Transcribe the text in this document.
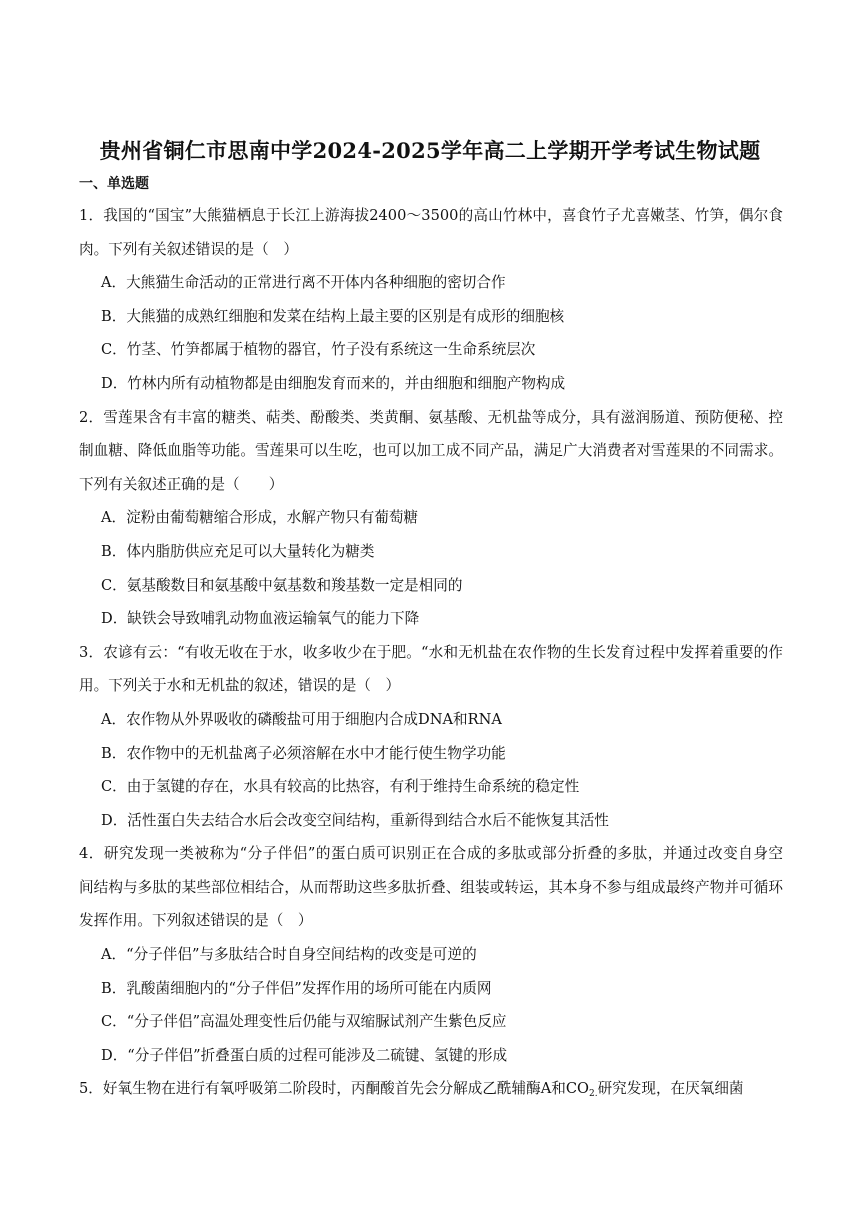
贵州省铜仁市思南中学2024-2025学年高二上学期开学考试生物试题
一、单选题

1．我国的“国宝”大熊猫栖息于长江上游海拔2400～3500的高山竹林中，喜食竹子尤喜嫩茎、竹笋，偶尔食肉。下列有关叙述错误的是（　）

A．大熊猫生命活动的正常进行离不开体内各种细胞的密切合作

B．大熊猫的成熟红细胞和发菜在结构上最主要的区别是有成形的细胞核

C．竹茎、竹笋都属于植物的器官，竹子没有系统这一生命系统层次

D．竹林内所有动植物都是由细胞发育而来的，并由细胞和细胞产物构成

2．雪莲果含有丰富的糖类、萜类、酚酸类、类黄酮、氨基酸、无机盐等成分，具有滋润肠道、预防便秘、控制血糖、降低血脂等功能。雪莲果可以生吃，也可以加工成不同产品，满足广大消费者对雪莲果的不同需求。下列有关叙述正确的是（　　）

A．淀粉由葡萄糖缩合形成，水解产物只有葡萄糖

B．体内脂肪供应充足可以大量转化为糖类

C．氨基酸数目和氨基酸中氨基数和羧基数一定是相同的

D．缺铁会导致哺乳动物血液运输氧气的能力下降

3．农谚有云：“有收无收在于水，收多收少在于肥。“水和无机盐在农作物的生长发育过程中发挥着重要的作用。下列关于水和无机盐的叙述，错误的是（　）

A．农作物从外界吸收的磷酸盐可用于细胞内合成DNA和RNA

B．农作物中的无机盐离子必须溶解在水中才能行使生物学功能

C．由于氢键的存在，水具有较高的比热容，有利于维持生命系统的稳定性

D．活性蛋白失去结合水后会改变空间结构，重新得到结合水后不能恢复其活性

4．研究发现一类被称为“分子伴侣”的蛋白质可识别正在合成的多肽或部分折叠的多肽，并通过改变自身空　间结构与多肽的某些部位相结合，从而帮助这些多肽折叠、组装或转运，其本身不参与组成最终产物并可循环发挥作用。下列叙述错误的是（　）

A．“分子伴侣”与多肽结合时自身空间结构的改变是可逆的

B．乳酸菌细胞内的“分子伴侣”发挥作用的场所可能在内质网

C．“分子伴侣”高温处理变性后仍能与双缩脲试剂产生紫色反应

D．“分子伴侣”折叠蛋白质的过程可能涉及二硫键、氢键的形成

5．好氧生物在进行有氧呼吸第二阶段时，丙酮酸首先会分解成乙酰辅酶A和$CO_{2.}$研究发现，在厌氧细菌
